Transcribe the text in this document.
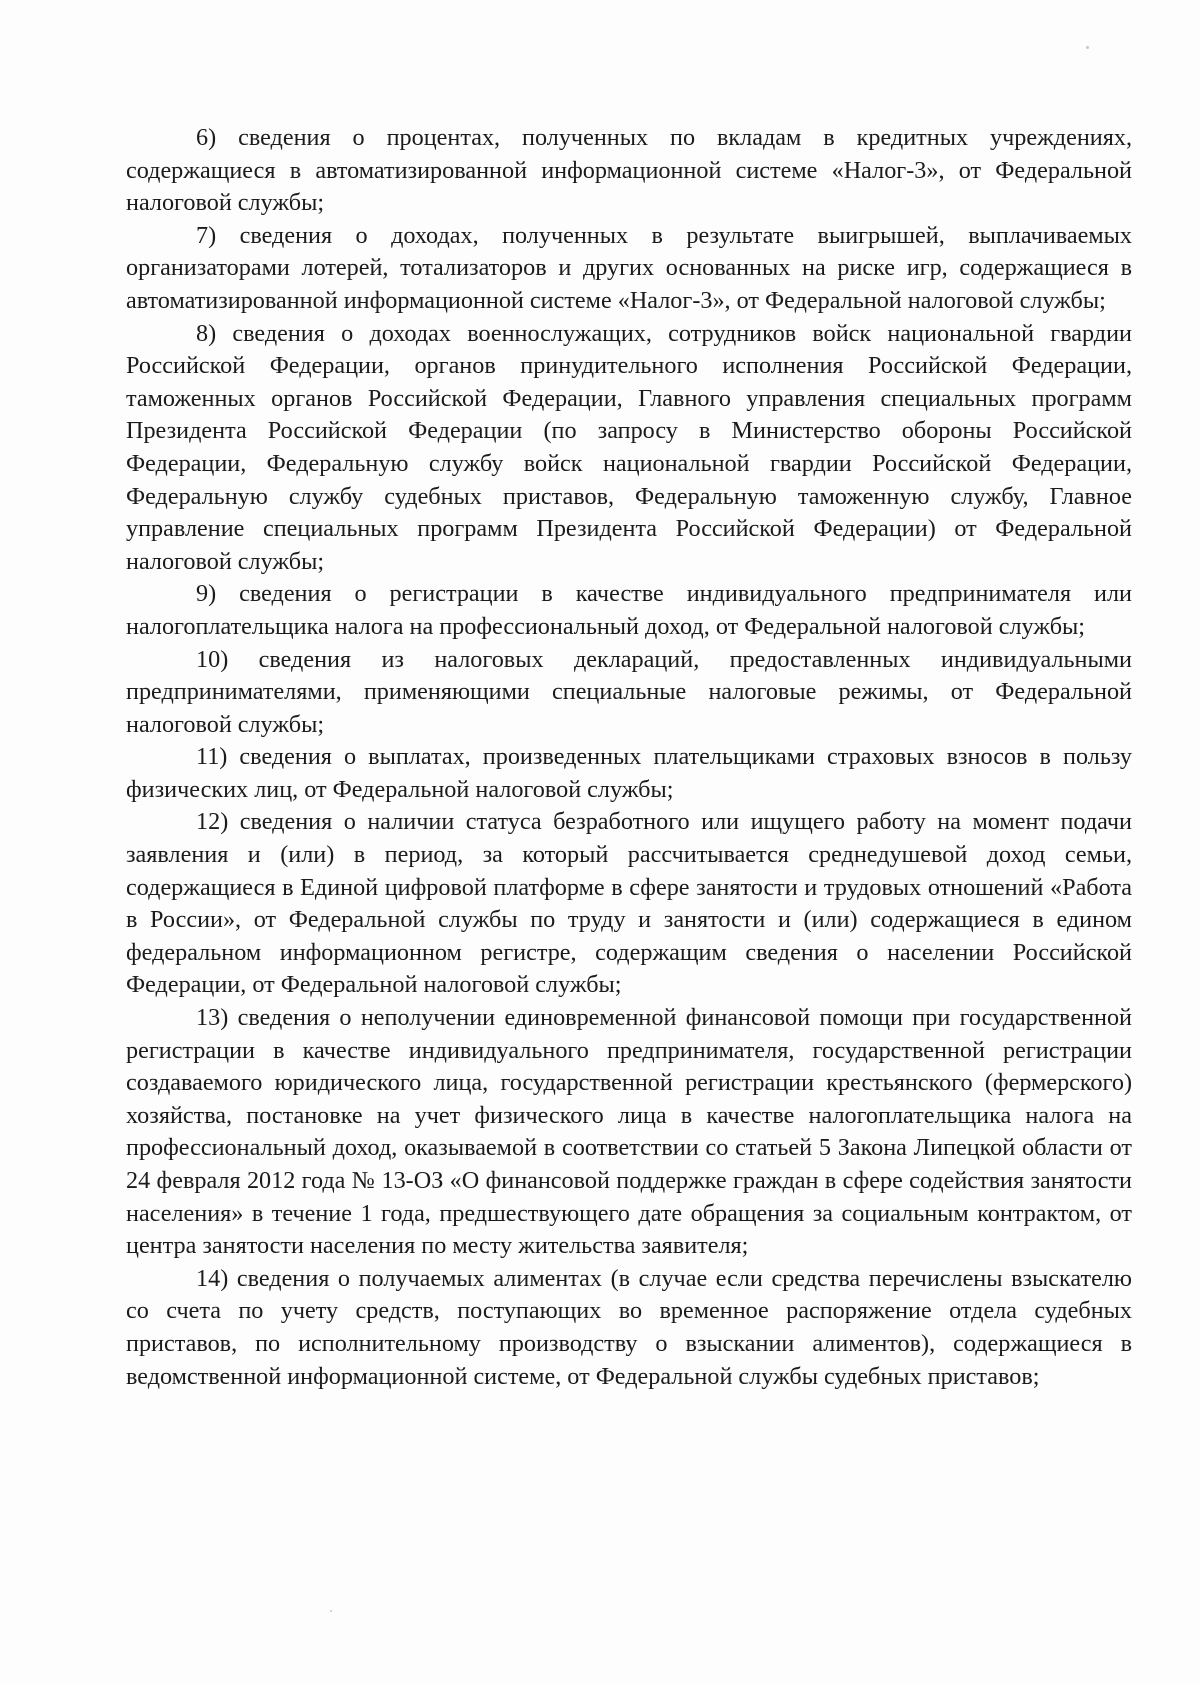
6) сведения о процентах, полученных по вкладам в кредитных учреждениях, содержащиеся в автоматизированной информационной системе «Налог-3», от Федеральной налоговой службы;

7) сведения о доходах, полученных в результате выигрышей, выплачиваемых организаторами лотерей, тотализаторов и других основанных на риске игр, содержащиеся в автоматизированной информационной системе «Налог-3», от Федеральной налоговой службы;

8) сведения о доходах военнослужащих, сотрудников войск национальной гвардии Российской Федерации, органов принудительного исполнения Российской Федерации, таможенных органов Российской Федерации, Главного управления специальных программ Президента Российской Федерации (по запросу в Министерство обороны Российской Федерации, Федеральную службу войск национальной гвардии Российской Федерации, Федеральную службу судебных приставов, Федеральную таможенную службу, Главное управление специальных программ Президента Российской Федерации) от Федеральной налоговой службы;

9) сведения о регистрации в качестве индивидуального предпринимателя или налогоплательщика налога на профессиональный доход, от Федеральной налоговой службы;

10) сведения из налоговых деклараций, предоставленных индивидуальными предпринимателями, применяющими специальные налоговые режимы, от Федеральной налоговой службы;

11) сведения о выплатах, произведенных плательщиками страховых взносов в пользу физических лиц, от Федеральной налоговой службы;

12) сведения о наличии статуса безработного или ищущего работу на момент подачи заявления и (или) в период, за который рассчитывается среднедушевой доход семьи, содержащиеся в Единой цифровой платформе в сфере занятости и трудовых отношений «Работа в России», от Федеральной службы по труду и занятости и (или) содержащиеся в едином федеральном информационном регистре, содержащим сведения о населении Российской Федерации, от Федеральной налоговой службы;

13) сведения о неполучении единовременной финансовой помощи при государственной регистрации в качестве индивидуального предпринимателя, государственной регистрации создаваемого юридического лица, государственной регистрации крестьянского (фермерского) хозяйства, постановке на учет физического лица в качестве налогоплательщика налога на профессиональный доход, оказываемой в соответствии со статьей 5 Закона Липецкой области от 24 февраля 2012 года № 13-ОЗ «О финансовой поддержке граждан в сфере содействия занятости населения» в течение 1 года, предшествующего дате обращения за социальным контрактом, от центра занятости населения по месту жительства заявителя;

14) сведения о получаемых алиментах (в случае если средства перечислены взыскателю со счета по учету средств, поступающих во временное распоряжение отдела судебных приставов, по исполнительному производству о взыскании алиментов), содержащиеся в ведомственной информационной системе, от Федеральной службы судебных приставов;
